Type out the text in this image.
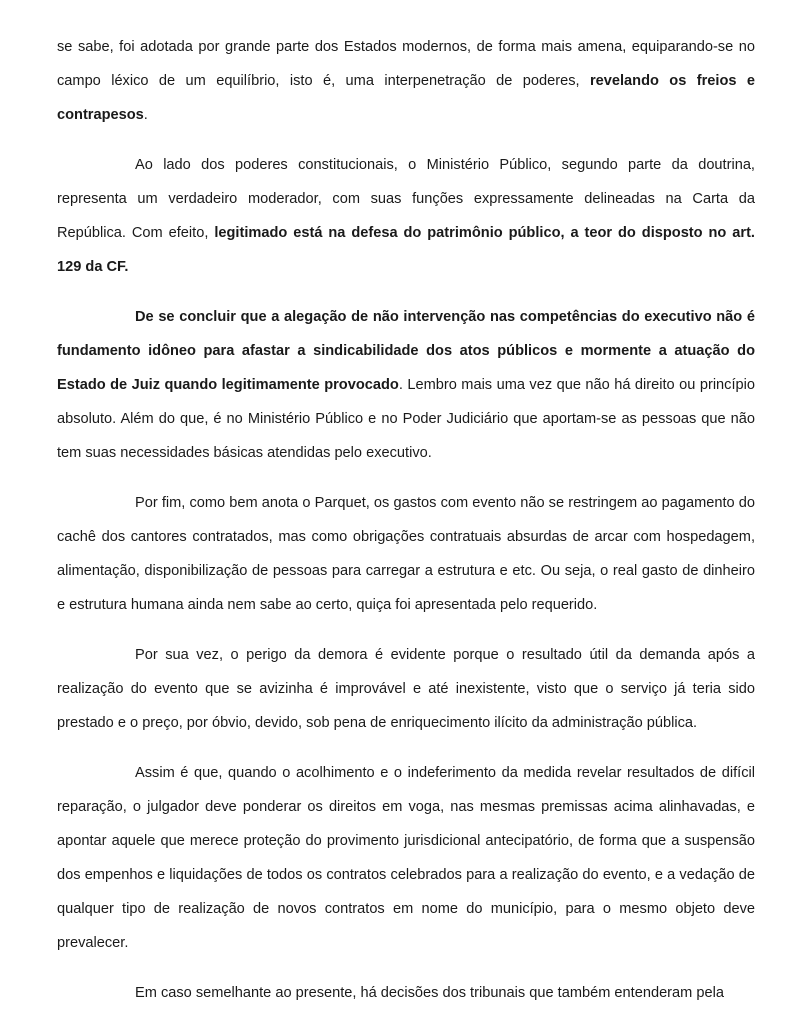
se sabe, foi adotada por grande parte dos Estados modernos, de forma mais amena, equiparando-se no campo léxico de um equilíbrio, isto é, uma interpenetração de poderes, revelando os freios e contrapesos.

Ao lado dos poderes constitucionais, o Ministério Público, segundo parte da doutrina, representa um verdadeiro moderador, com suas funções expressamente delineadas na Carta da República. Com efeito, legitimado está na defesa do patrimônio público, a teor do disposto no art. 129 da CF.

De se concluir que a alegação de não intervenção nas competências do executivo não é fundamento idôneo para afastar a sindicabilidade dos atos públicos e mormente a atuação do Estado de Juiz quando legitimamente provocado. Lembro mais uma vez que não há direito ou princípio absoluto. Além do que, é no Ministério Público e no Poder Judiciário que aportam-se as pessoas que não tem suas necessidades básicas atendidas pelo executivo.

Por fim, como bem anota o Parquet, os gastos com evento não se restringem ao pagamento do cachê dos cantores contratados, mas como obrigações contratuais absurdas de arcar com hospedagem, alimentação, disponibilização de pessoas para carregar a estrutura e etc. Ou seja, o real gasto de dinheiro e estrutura humana ainda nem sabe ao certo, quiça foi apresentada pelo requerido.

Por sua vez, o perigo da demora é evidente porque o resultado útil da demanda após a realização do evento que se avizinha é improvável e até inexistente, visto que o serviço já teria sido prestado e o preço, por óbvio, devido, sob pena de enriquecimento ilícito da administração pública.

Assim é que, quando o acolhimento e o indeferimento da medida revelar resultados de difícil reparação, o julgador deve ponderar os direitos em voga, nas mesmas premissas acima alinhavadas, e apontar aquele que merece proteção do provimento jurisdicional antecipatório, de forma que a suspensão dos empenhos e liquidações de todos os contratos celebrados para a realização do evento, e a vedação de qualquer tipo de realização de novos contratos em nome do município, para o mesmo objeto deve prevalecer.

Em caso semelhante ao presente, há decisões dos tribunais que também entenderam pela
